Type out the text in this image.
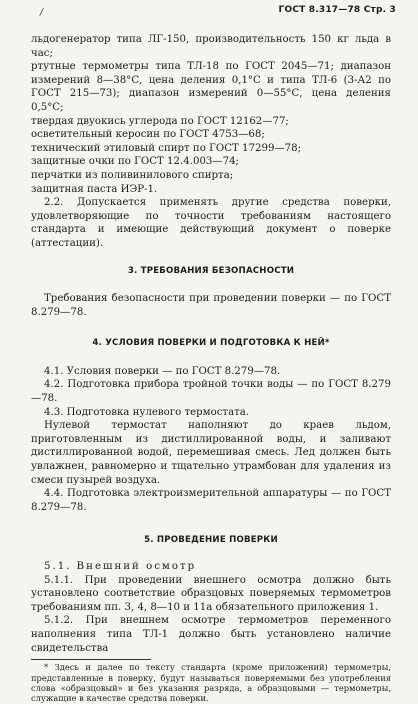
/	ГОСТ 8.317—78 Стр. 3

льдогенератор типа ЛГ-150, производительность 150 кг льда в час;

ртутные термометры типа ТЛ-18 по ГОСТ 2045—71; диапазон измерений 8—38°С, цена деления 0,1°С и типа ТЛ-6 (3-А2 по ГОСТ 215—73); диапазон измерений 0—55°С, цена деления 0,5°С;

твердая двуокись углерода по ГОСТ 12162—77;

осветительный керосин по ГОСТ 4753—68;

технический этиловый спирт по ГОСТ 17299—78;

защитные очки по ГОСТ 12.4.003—74;

перчатки из поливинилового спирта;

защитная паста ИЭР-1.

2.2. Допускается применять другие средства поверки, удовлетворяющие по точности требованиям настоящего стандарта и имеющие действующий документ о поверке (аттестации).

3. ТРЕБОВАНИЯ БЕЗОПАСНОСТИ

Требования безопасности при проведении поверки — по ГОСТ 8.279—78.

4. УСЛОВИЯ ПОВЕРКИ И ПОДГОТОВКА К НЕЙ*

4.1. Условия поверки — по ГОСТ 8.279—78.

4.2. Подготовка прибора тройной точки воды — по ГОСТ 8.279—78.

4.3. Подготовка нулевого термостата.

Нулевой термостат наполняют до краев льдом, приготовленным из дистиллированной воды, и заливают дистиллированной водой, перемешивая смесь. Лед должен быть увлажнен, равномерно и тщательно утрамбован для удаления из смеси пузырей воздуха.

4.4. Подготовка электроизмерительной аппаратуры — по ГОСТ 8.279—78.

5. ПРОВЕДЕНИЕ ПОВЕРКИ

5.1. Внешний осмотр

5.1.1. При проведении внешнего осмотра должно быть установлено соответствие образцовых поверяемых термометров требованиям пп. 3, 4, 8—10 и 11а обязательного приложения 1.

5.1.2. При внешнем осмотре термометров переменного наполнения типа ТЛ-1 должно быть установлено наличие свидетельства

* Здесь и далее по тексту стандарта (кроме приложений) термометры, представленные в поверку, будут называться поверяемыми без употребления слова «образцовый» и без указания разряда, а образцовыми — термометры, служащие в качестве средства поверки.
